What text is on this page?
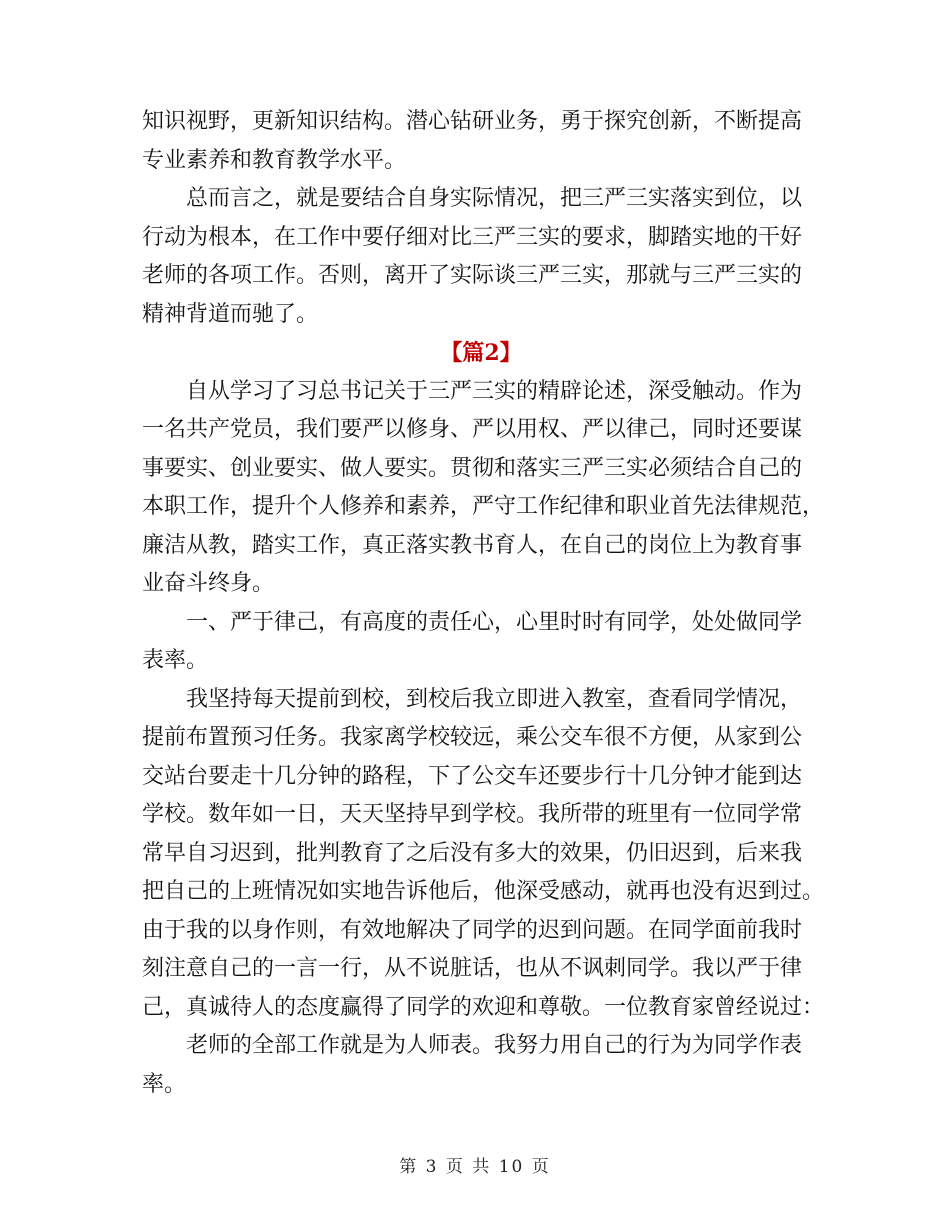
知识视野，更新知识结构。潜心钻研业务，勇于探究创新，不断提高
专业素养和教育教学水平。
总而言之，就是要结合自身实际情况，把三严三实落实到位，以
行动为根本，在工作中要仔细对比三严三实的要求，脚踏实地的干好
老师的各项工作。否则，离开了实际谈三严三实，那就与三严三实的
精神背道而驰了。
【篇2】
自从学习了习总书记关于三严三实的精辟论述，深受触动。作为
一名共产党员，我们要严以修身、严以用权、严以律己，同时还要谋
事要实、创业要实、做人要实。贯彻和落实三严三实必须结合自己的
本职工作，提升个人修养和素养，严守工作纪律和职业首先法律规范，
廉洁从教，踏实工作，真正落实教书育人，在自己的岗位上为教育事
业奋斗终身。
一、严于律己，有高度的责任心，心里时时有同学，处处做同学
表率。
我坚持每天提前到校，到校后我立即进入教室，查看同学情况，
提前布置预习任务。我家离学校较远，乘公交车很不方便，从家到公
交站台要走十几分钟的路程，下了公交车还要步行十几分钟才能到达
学校。数年如一日，天天坚持早到学校。我所带的班里有一位同学常
常早自习迟到，批判教育了之后没有多大的效果，仍旧迟到，后来我
把自己的上班情况如实地告诉他后，他深受感动，就再也没有迟到过。
由于我的以身作则，有效地解决了同学的迟到问题。在同学面前我时
刻注意自己的一言一行，从不说脏话，也从不讽刺同学。我以严于律
己，真诚待人的态度赢得了同学的欢迎和尊敬。一位教育家曾经说过：
老师的全部工作就是为人师表。我努力用自己的行为为同学作表
率。
第 3 页 共 10 页
